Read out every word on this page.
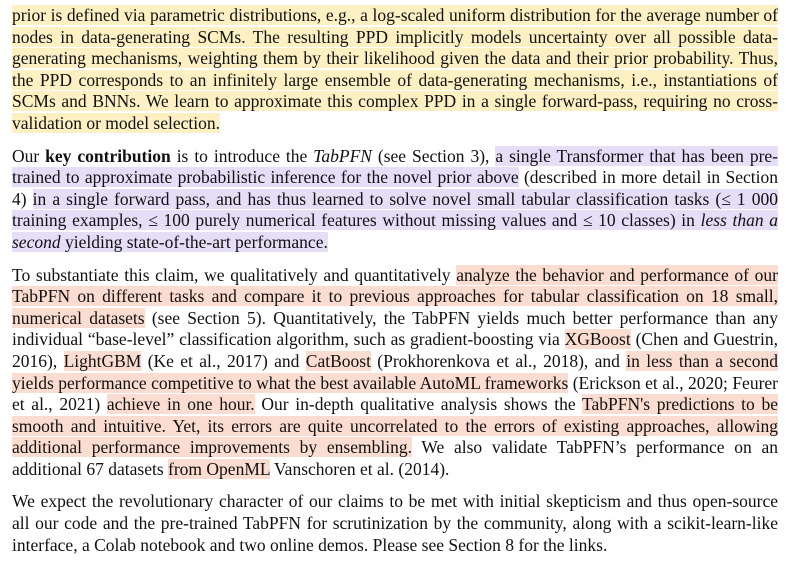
prior is defined via parametric distributions, e.g., a log-scaled uniform distribution for the average number of nodes in data-generating SCMs. The resulting PPD implicitly models uncertainty over all possible data-generating mechanisms, weighting them by their likelihood given the data and their prior probability. Thus, the PPD corresponds to an infinitely large ensemble of data-generating mechanisms, i.e., instantiations of SCMs and BNNs. We learn to approximate this complex PPD in a single forward-pass, requiring no cross-validation or model selection.

Our key contribution is to introduce the TabPFN (see Section 3), a single Transformer that has been pre-trained to approximate probabilistic inference for the novel prior above (described in more detail in Section 4) in a single forward pass, and has thus learned to solve novel small tabular classification tasks (≤ 1 000 training examples, ≤ 100 purely numerical features without missing values and ≤ 10 classes) in less than a second yielding state-of-the-art performance.

To substantiate this claim, we qualitatively and quantitatively analyze the behavior and performance of our TabPFN on different tasks and compare it to previous approaches for tabular classification on 18 small, numerical datasets (see Section 5). Quantitatively, the TabPFN yields much better performance than any individual “base-level” classification algorithm, such as gradient-boosting via XGBoost (Chen and Guestrin, 2016), LightGBM (Ke et al., 2017) and CatBoost (Prokhorenkova et al., 2018), and in less than a second yields performance competitive to what the best available AutoML frameworks (Erickson et al., 2020; Feurer et al., 2021) achieve in one hour. Our in-depth qualitative analysis shows the TabPFN's predictions to be smooth and intuitive. Yet, its errors are quite uncorrelated to the errors of existing approaches, allowing additional performance improvements by ensembling. We also validate TabPFN’s performance on an additional 67 datasets from OpenML Vanschoren et al. (2014).

We expect the revolutionary character of our claims to be met with initial skepticism and thus open-source all our code and the pre-trained TabPFN for scrutinization by the community, along with a scikit-learn-like interface, a Colab notebook and two online demos. Please see Section 8 for the links.
